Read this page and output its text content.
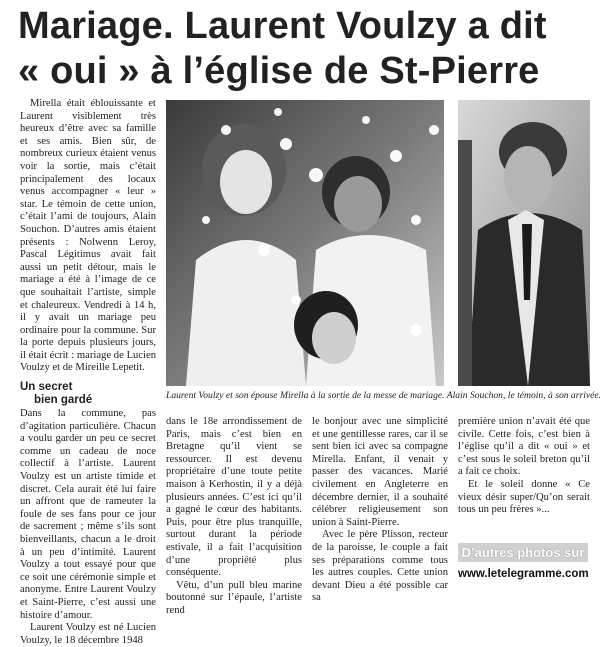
Mariage. Laurent Voulzy a dit
« oui » à l’église de St-Pierre

Mirella était éblouissante et Laurent visiblement très heureux d’être avec sa famille et ses amis. Bien sûr, de nombreux curieux étaient venus voir la sortie, mais c’était principalement des locaux venus accompagner « leur » star. Le témoin de cette union, c’était l’ami de toujours, Alain Souchon. D’autres amis étaient présents : Nolwenn Leroy, Pascal Légitimus avait fait aussi un petit détour, mais le mariage a été à l’image de ce que souhaitait l’artiste, simple et chaleureux. Vendredi à 14 h, il y avait un mariage peu ordinaire pour la commune. Sur la porte depuis plusieurs jours, il était écrit : mariage de Lucien Voulzy et de Mireille Lepetit.

Un secret
bien gardé

Dans la commune, pas d’agitation particulière. Chacun a voulu garder un peu ce secret comme un cadeau de noce collectif à l’artiste. Laurent Voulzy est un artiste timide et discret. Cela aurait été lui faire un affront que de rameuter la foule de ses fans pour ce jour de sacrement ; même s’ils sont bienveillants, chacun a le droit à un peu d’intimité. Laurent Voulzy a tout essayé pour que ce soit une cérémonie simple et anonyme. Entre Laurent Voulzy et Saint-Pierre, c’est aussi une histoire d’amour.

Laurent Voulzy est né Lucien Voulzy, le 18 décembre 1948

Laurent Voulzy et son épouse Mirella à la sortie de la messe de mariage. Alain Souchon, le témoin, à son arrivée.

dans le 18e arrondissement de Paris, mais c’est bien en Bretagne qu’il vient se ressourcer. Il est devenu propriétaire d’une toute petite maison à Kerhostin, il y a déjà plusieurs années. C’est ici qu’il a gagné le cœur des habitants. Puis, pour être plus tranquille, surtout durant la période estivale, il a fait l’acquisition d’une propriété plus conséquente.

Vêtu, d’un pull bleu marine boutonné sur l’épaule, l’artiste rend

le bonjour avec une simplicité et une gentillesse rares, car il se sent bien ici avec sa compagne Mirella. Enfant, il venait y passer des vacances. Marié civilement en Angleterre en décembre dernier, il a souhaité célébrer religieusement son union à Saint-Pierre.

Avec le père Plisson, recteur de la paroisse, le couple a fait ses préparations comme tous les autres couples. Cette union devant Dieu a été possible car sa

première union n’avait été que civile. Cette fois, c’est bien à l’église qu’il a dit « oui » et c’est sous le soleil breton qu’il a fait ce choix.

Et le soleil donne « Ce vieux désir super/Qu’on serait tous un peu frères »...

D’autres photos sur
www.letelegramme.com
